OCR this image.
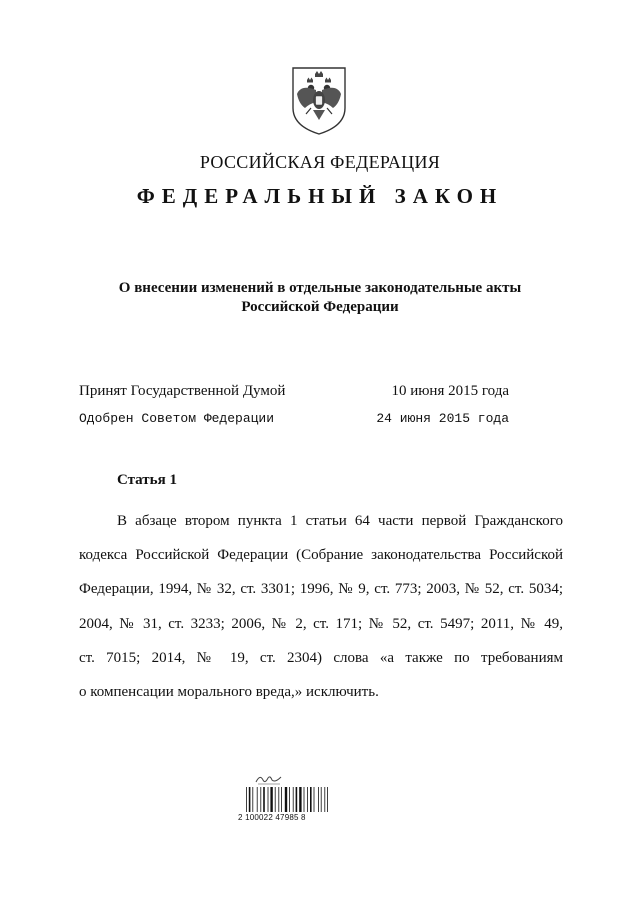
РОССИЙСКАЯ ФЕДЕРАЦИЯ
ФЕДЕРАЛЬНЫЙ ЗАКОН
О внесении изменений в отдельные законодательные акты
Российской Федерации
Принят Государственной Думой	10 июня 2015 года
Одобрен Советом Федерации	24 июня 2015 года
Статья 1
В абзаце втором пункта 1 статьи 64 части первой Гражданского
кодекса Российской Федерации (Собрание законодательства Российской
Федерации, 1994, № 32, ст. 3301; 1996, № 9, ст. 773; 2003, № 52, ст. 5034;
2004, № 31, ст. 3233; 2006, № 2, ст. 171; № 52, ст. 5497; 2011, № 49,
ст. 7015; 2014, № 19, ст. 2304) слова «а также по требованиям
о компенсации морального вреда,» исключить.
2 100022 47985 8
